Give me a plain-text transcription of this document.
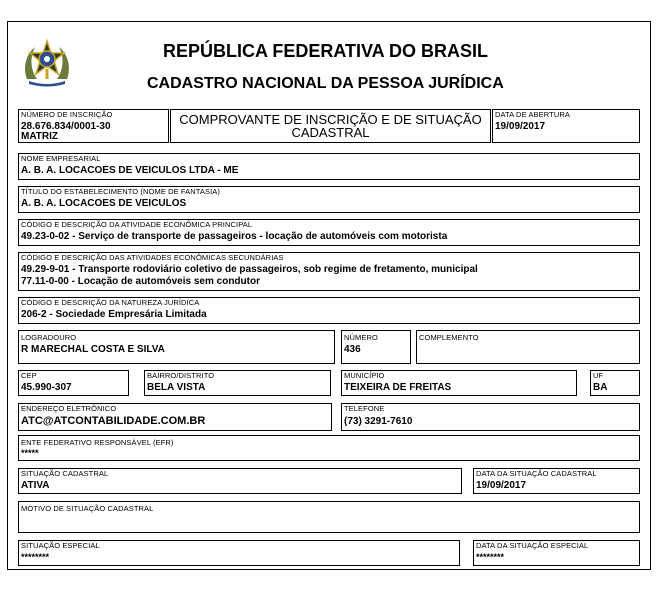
REPÚBLICA FEDERATIVA DO BRASIL
CADASTRO NACIONAL DA PESSOA JURÍDICA
NÚMERO DE INSCRIÇÃO
28.676.834/0001-30
MATRIZ
COMPROVANTE DE INSCRIÇÃO E DE SITUAÇÃO CADASTRAL
DATA DE ABERTURA
19/09/2017
NOME EMPRESARIAL
A. B. A. LOCACOES DE VEICULOS LTDA - ME
TÍTULO DO ESTABELECIMENTO (NOME DE FANTASIA)
A. B. A. LOCACOES DE VEICULOS
CÓDIGO E DESCRIÇÃO DA ATIVIDADE ECONÔMICA PRINCIPAL
49.23-0-02 - Serviço de transporte de passageiros - locação de automóveis com motorista
CÓDIGO E DESCRIÇÃO DAS ATIVIDADES ECONÔMICAS SECUNDÁRIAS
49.29-9-01 - Transporte rodoviário coletivo de passageiros, sob regime de fretamento, municipal
77.11-0-00 - Locação de automóveis sem condutor
CÓDIGO E DESCRIÇÃO DA NATUREZA JURÍDICA
206-2 - Sociedade Empresária Limitada
LOGRADOURO
R MARECHAL COSTA E SILVA
NÚMERO
436
COMPLEMENTO
CEP
45.990-307
BAIRRO/DISTRITO
BELA VISTA
MUNICÍPIO
TEIXEIRA DE FREITAS
UF
BA
ENDEREÇO ELETRÔNICO
ATC@ATCONTABILIDADE.COM.BR
TELEFONE
(73) 3291-7610
ENTE FEDERATIVO RESPONSÁVEL (EFR)
*****
SITUAÇÃO CADASTRAL
ATIVA
DATA DA SITUAÇÃO CADASTRAL
19/09/2017
MOTIVO DE SITUAÇÃO CADASTRAL
SITUAÇÃO ESPECIAL
********
DATA DA SITUAÇÃO ESPECIAL
********
